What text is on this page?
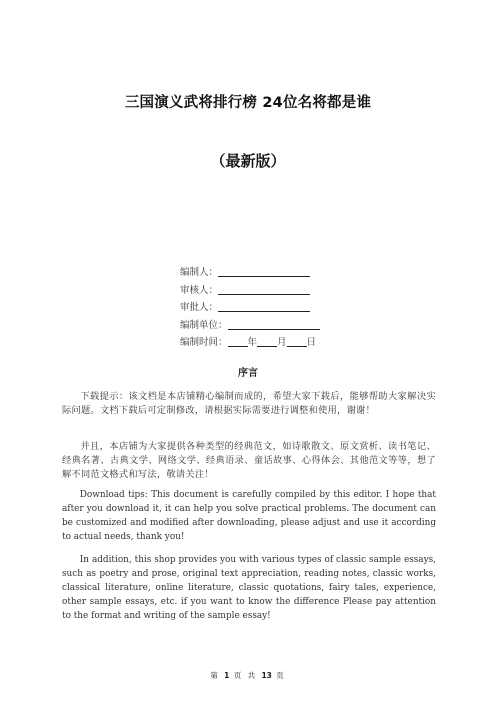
三国演义武将排行榜 24位名将都是谁
（最新版）
编制人：
审核人：
审批人：
编制单位：
编制时间： 年 月 日
序言

下载提示：该文档是本店铺精心编制而成的，希望大家下载后，能够帮助大家解决实际问题。文档下载后可定制修改，请根据实际需要进行调整和使用，谢谢！

并且，本店铺为大家提供各种类型的经典范文，如诗歌散文、原文赏析、读书笔记、经典名著、古典文学、网络文学、经典语录、童话故事、心得体会、其他范文等等，想了解不同范文格式和写法，敬请关注！

Download tips: This document is carefully compiled by this editor. I hope that after you download it, it can help you solve practical problems. The document can be customized and modified after downloading, please adjust and use it according to actual needs, thank you!

In addition, this shop provides you with various types of classic sample essays, such as poetry and prose, original text appreciation, reading notes, classic works, classical literature, online literature, classic quotations, fairy tales, experience, other sample essays, etc. if you want to know the difference Please pay attention to the format and writing of the sample essay!

第 1 页 共 13 页
